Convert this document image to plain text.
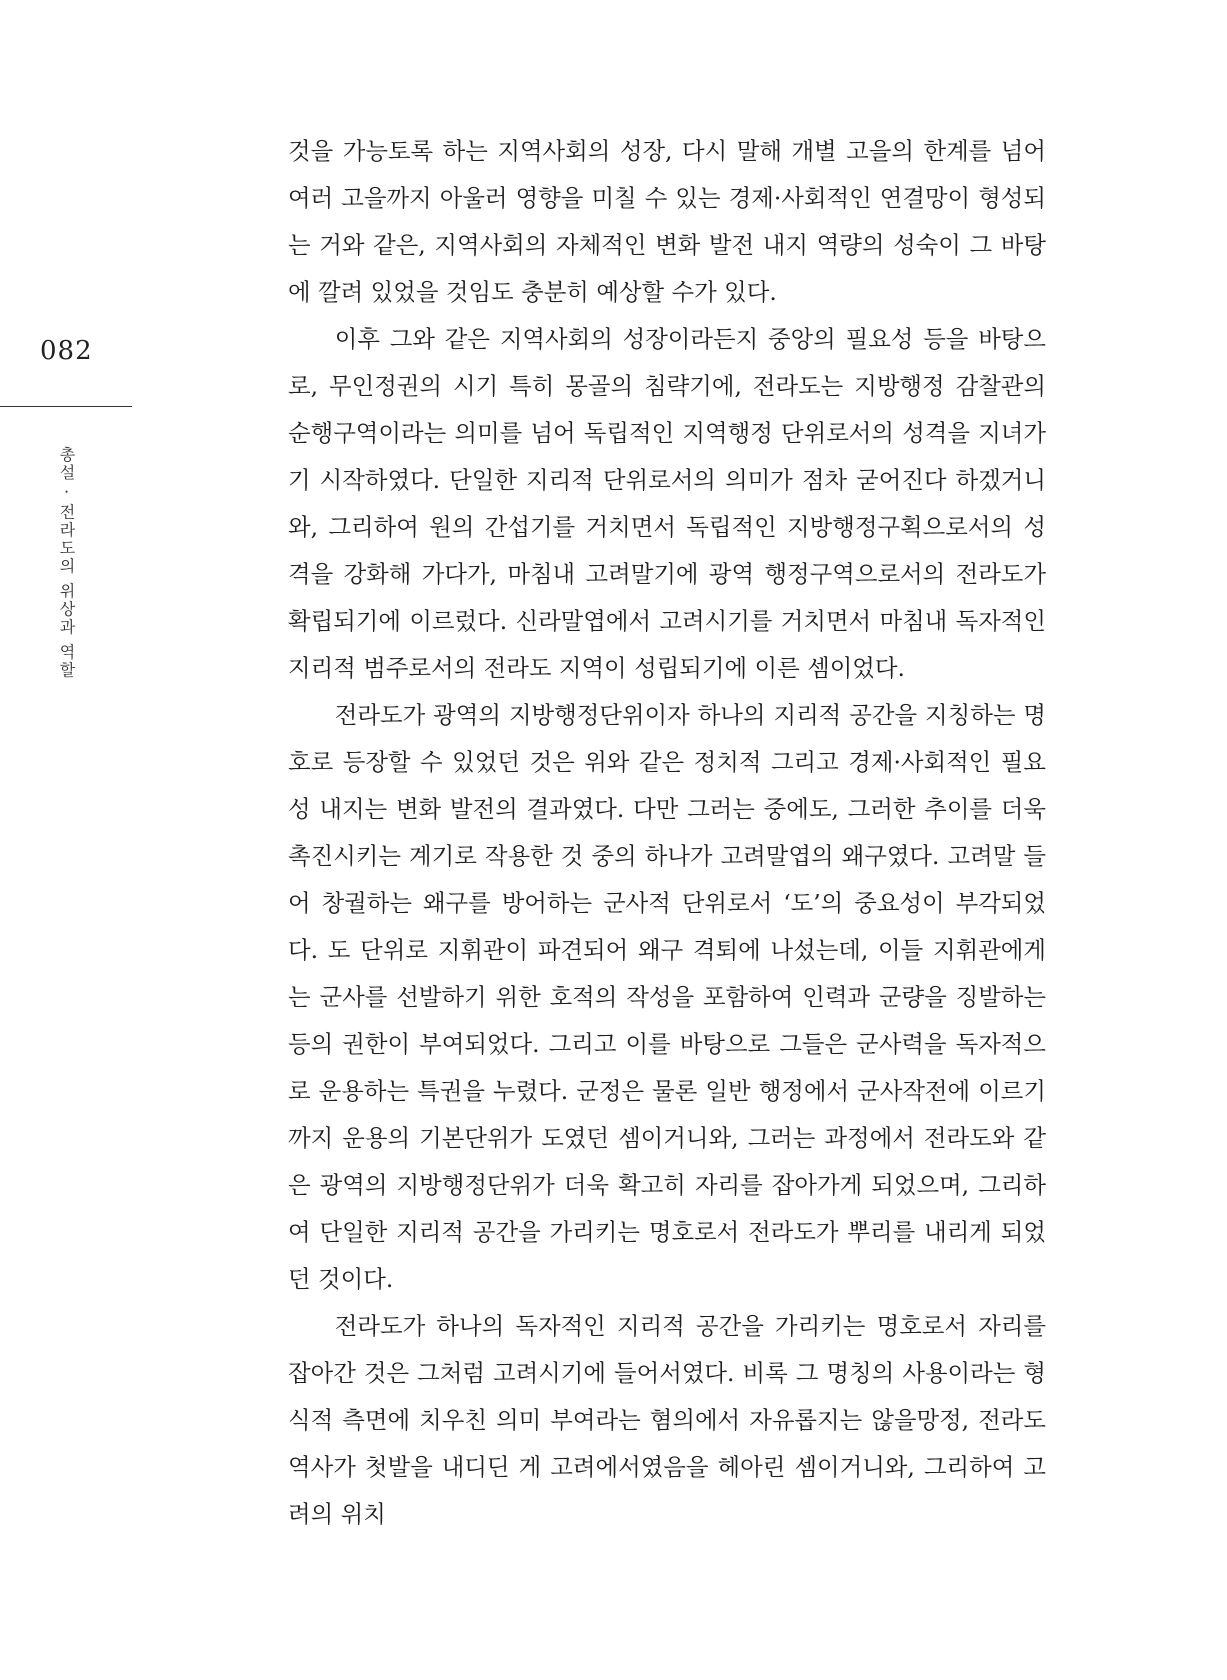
082
총설 · 전라도의 위상과 역할

것을 가능토록 하는 지역사회의 성장, 다시 말해 개별 고을의 한계를 넘어 여러 고을까지 아울러 영향을 미칠 수 있는 경제·사회적인 연결망이 형성되는 거와 같은, 지역사회의 자체적인 변화 발전 내지 역량의 성숙이 그 바탕에 깔려 있었을 것임도 충분히 예상할 수가 있다.

이후 그와 같은 지역사회의 성장이라든지 중앙의 필요성 등을 바탕으로, 무인정권의 시기 특히 몽골의 침략기에, 전라도는 지방행정 감찰관의 순행구역이라는 의미를 넘어 독립적인 지역행정 단위로서의 성격을 지녀가기 시작하였다. 단일한 지리적 단위로서의 의미가 점차 굳어진다 하겠거니와, 그리하여 원의 간섭기를 거치면서 독립적인 지방행정구획으로서의 성격을 강화해 가다가, 마침내 고려말기에 광역 행정구역으로서의 전라도가 확립되기에 이르렀다. 신라말엽에서 고려시기를 거치면서 마침내 독자적인 지리적 범주로서의 전라도 지역이 성립되기에 이른 셈이었다.

전라도가 광역의 지방행정단위이자 하나의 지리적 공간을 지칭하는 명호로 등장할 수 있었던 것은 위와 같은 정치적 그리고 경제·사회적인 필요성 내지는 변화 발전의 결과였다. 다만 그러는 중에도, 그러한 추이를 더욱 촉진시키는 계기로 작용한 것 중의 하나가 고려말엽의 왜구였다. 고려말 들어 창궐하는 왜구를 방어하는 군사적 단위로서 ‘도’의 중요성이 부각되었다. 도 단위로 지휘관이 파견되어 왜구 격퇴에 나섰는데, 이들 지휘관에게는 군사를 선발하기 위한 호적의 작성을 포함하여 인력과 군량을 징발하는 등의 권한이 부여되었다. 그리고 이를 바탕으로 그들은 군사력을 독자적으로 운용하는 특권을 누렸다. 군정은 물론 일반 행정에서 군사작전에 이르기까지 운용의 기본단위가 도였던 셈이거니와, 그러는 과정에서 전라도와 같은 광역의 지방행정단위가 더욱 확고히 자리를 잡아가게 되었으며, 그리하여 단일한 지리적 공간을 가리키는 명호로서 전라도가 뿌리를 내리게 되었던 것이다.

전라도가 하나의 독자적인 지리적 공간을 가리키는 명호로서 자리를 잡아간 것은 그처럼 고려시기에 들어서였다. 비록 그 명칭의 사용이라는 형식적 측면에 치우친 의미 부여라는 혐의에서 자유롭지는 않을망정, 전라도 역사가 첫발을 내디딘 게 고려에서였음을 헤아린 셈이거니와, 그리하여 고려의 위치
